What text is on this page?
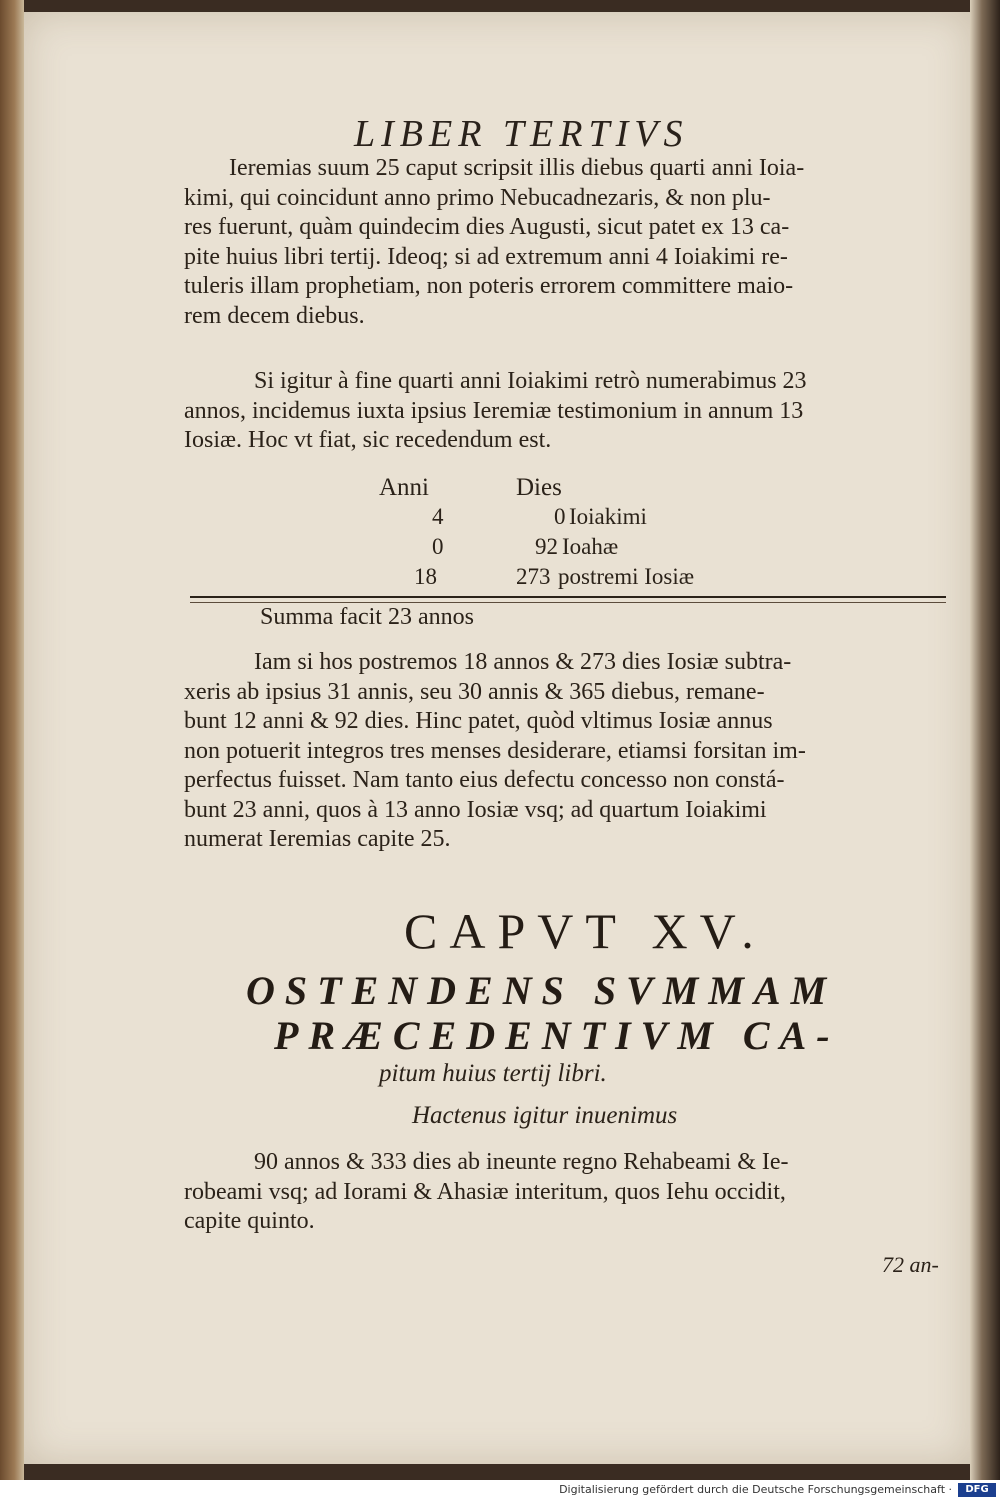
LIBER TERTIVS
Ieremias suum 25 caput scripsit illis diebus quarti anni Ioia-
kimi, qui coincidunt anno primo Nebucadnezaris, & non plu-
res fuerunt, quàm quindecim dies Augusti, sicut patet ex 13 ca-
pite huius libri tertij. Ideoq; si ad extremum anni 4 Ioiakimi re-
tuleris illam prophetiam, non poteris errorem committere maio-
rem decem diebus.
Si igitur à fine quarti anni Ioiakimi retrò numerabimus 23
annos, incidemus iuxta ipsius Ieremiæ testimonium in annum 13
Iosiæ. Hoc vt fiat, sic recedendum est.
Anni	Dies
4	0 Ioiakimi
0	92 Ioahæ
18	273 postremi Iosiæ
Summa facit 23 annos
Iam si hos postremos 18 annos & 273 dies Iosiæ subtra-
xeris ab ipsius 31 annis, seu 30 annis & 365 diebus, remane-
bunt 12 anni & 92 dies. Hinc patet, quòd vltimus Iosiæ annus
non potuerit integros tres menses desiderare, etiamsi forsitan im-
perfectus fuisset. Nam tanto eius defectu concesso non constá-
bunt 23 anni, quos à 13 anno Iosiæ vsq; ad quartum Ioiakimi
numerat Ieremias capite 25.
CAPVT XV.
OSTENDENS SVMMAM
PRÆCEDENTIVM CA-
pitum huius tertij libri.
Hactenus igitur inuenimus
90 annos & 333 dies ab ineunte regno Rehabeami & Ie-
robeami vsq; ad Iorami & Ahasiæ interitum, quos Iehu occidit,
capite quinto.
72 an-
Digitalisierung gefördert durch die Deutsche Forschungsgemeinschaft ·	DFG
